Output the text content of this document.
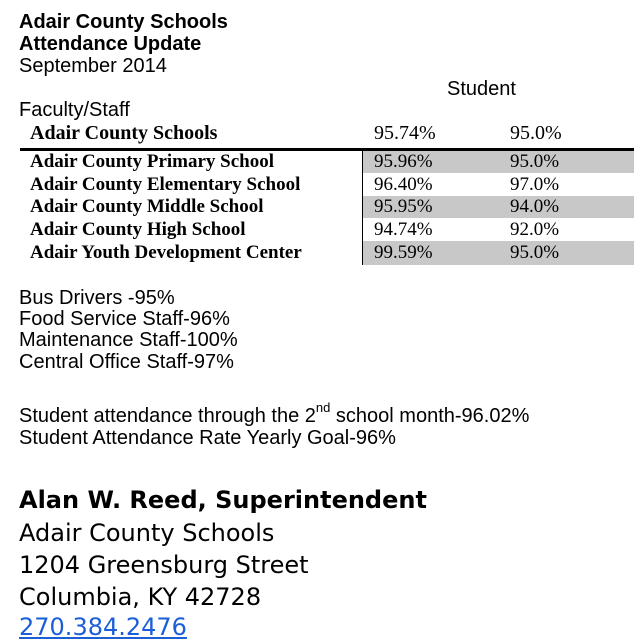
Adair County Schools
Attendance Update
September 2014
Student
Faculty/Staff
Adair County Schools	95.74%	95.0%
Adair County Primary School	95.96%	95.0%
Adair County Elementary School	96.40%	97.0%
Adair County Middle School	95.95%	94.0%
Adair County High School	94.74%	92.0%
Adair Youth Development Center	99.59%	95.0%
Bus Drivers -95%
Food Service Staff-96%
Maintenance Staff-100%
Central Office Staff-97%
Student attendance through the 2nd school month-96.02%
Student Attendance Rate Yearly Goal-96%
Alan W. Reed, Superintendent
Adair County Schools
1204 Greensburg Street
Columbia, KY 42728
270.384.2476
